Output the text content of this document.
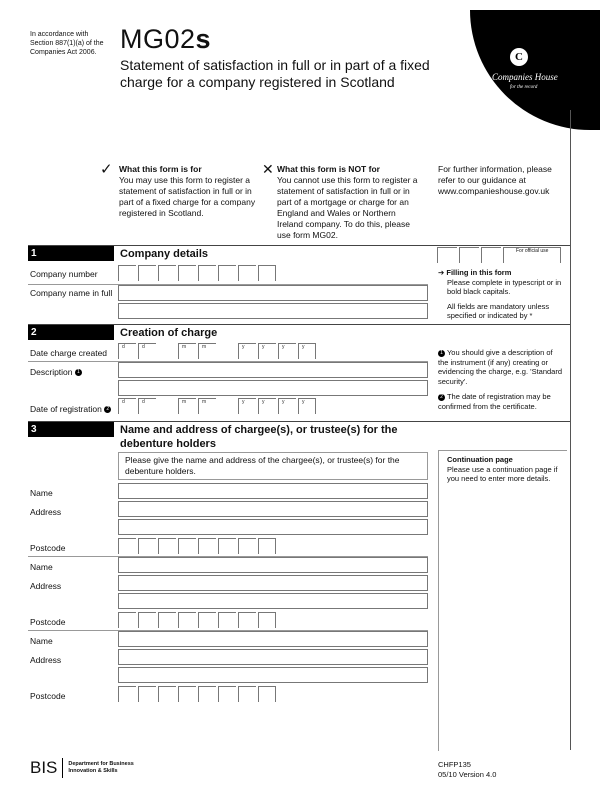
In accordance with Section 887(1)(a) of the Companies Act 2006. MG02s
Statement of satisfaction in full or in part of a fixed
charge for a company registered in Scotland
C
Companies House
for the record
✓ What this form is for
You may use this form to register a statement of satisfaction in full or in part of a fixed charge for a company registered in Scotland.
✕ What this form is NOT for
You cannot use this form to register a statement of satisfaction in full or in part of a mortgage or charge for an England and Wales or Northern Ireland company. To do this, please use form MG02.
For further information, please refer to our guidance at www.companieshouse.gov.uk
1	Company details	For official use
Company number
Company name in full
➔ Filling in this form
Please complete in typescript or in bold black capitals.
All fields are mandatory unless specified or indicated by *
2	Creation of charge
Date charge created
d	d	m	m	y	y	y	y
Description 1
Date of registration 2
d	d	m	m	y	y	y	y
1 You should give a description of the instrument (if any) creating or evidencing the charge, e.g. 'Standard security'.
2 The date of registration may be confirmed from the certificate.
3	Name and address of chargee(s), or trustee(s) for the
debenture holders
Please give the name and address of the chargee(s), or trustee(s) for the debenture holders.
Continuation page
Please use a continuation page if you need to enter more details.
Name
Address
Postcode
Name
Address
Postcode
Name
Address
Postcode
BIS	Department for Business
Innovation & Skills
CHFP135
05/10 Version 4.0
